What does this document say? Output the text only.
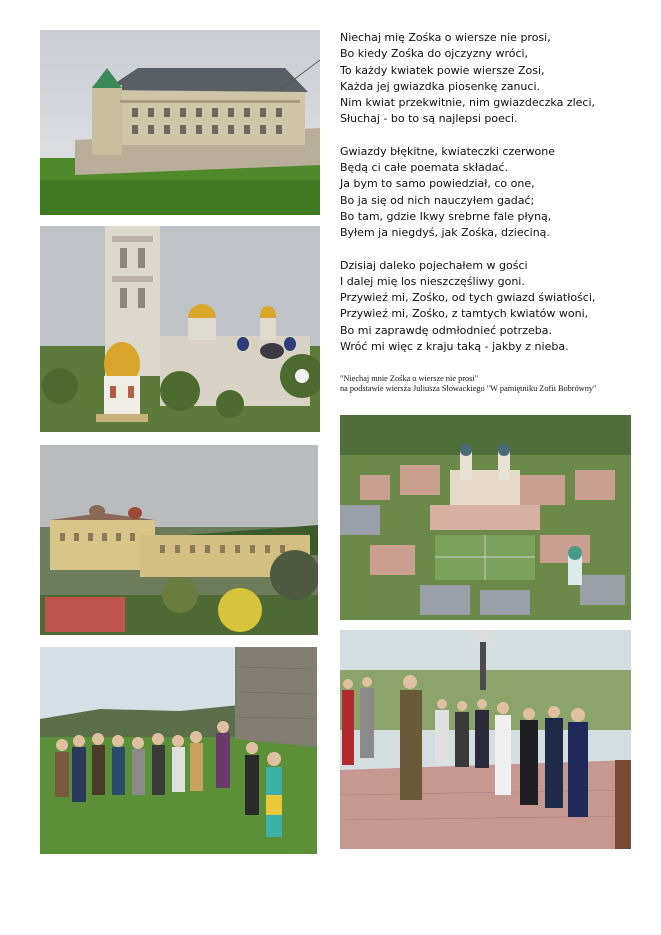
Niechaj mię Zośka o wiersze nie prosi,
Bo kiedy Zośka do ojczyzny wróci,
To każdy kwiatek powie wiersze Zosi,
Każda jej gwiazdka piosenkę zanuci.
Nim kwiat przekwitnie, nim gwiazdeczka zleci,
Słuchaj - bo to są najlepsi poeci.
Gwiazdy błękitne, kwiateczki czerwone
Będą ci całe poemata składać.
Ja bym to samo powiedział, co one,
Bo ja się od nich nauczyłem gadać;
Bo tam, gdzie Ikwy srebrne fale płyną,
Byłem ja niegdyś, jak Zośka, dzieciną.
Dzisiaj daleko pojechałem w gości
I dalej mię los nieszczęśliwy goni.
Przywieź mi, Zośko, od tych gwiazd światłości,
Przywieź mi, Zośko, z tamtych kwiatów woni,
Bo mi zaprawdę odmłodnieć potrzeba.
Wróć mi więc z kraju taką - jakby z nieba.
"Niechaj mnie Zośka o wiersze nie prosi"
na podstawie wiersza Juliusza Słowackiego "W pamiętniku Zofii Bobrówny"
